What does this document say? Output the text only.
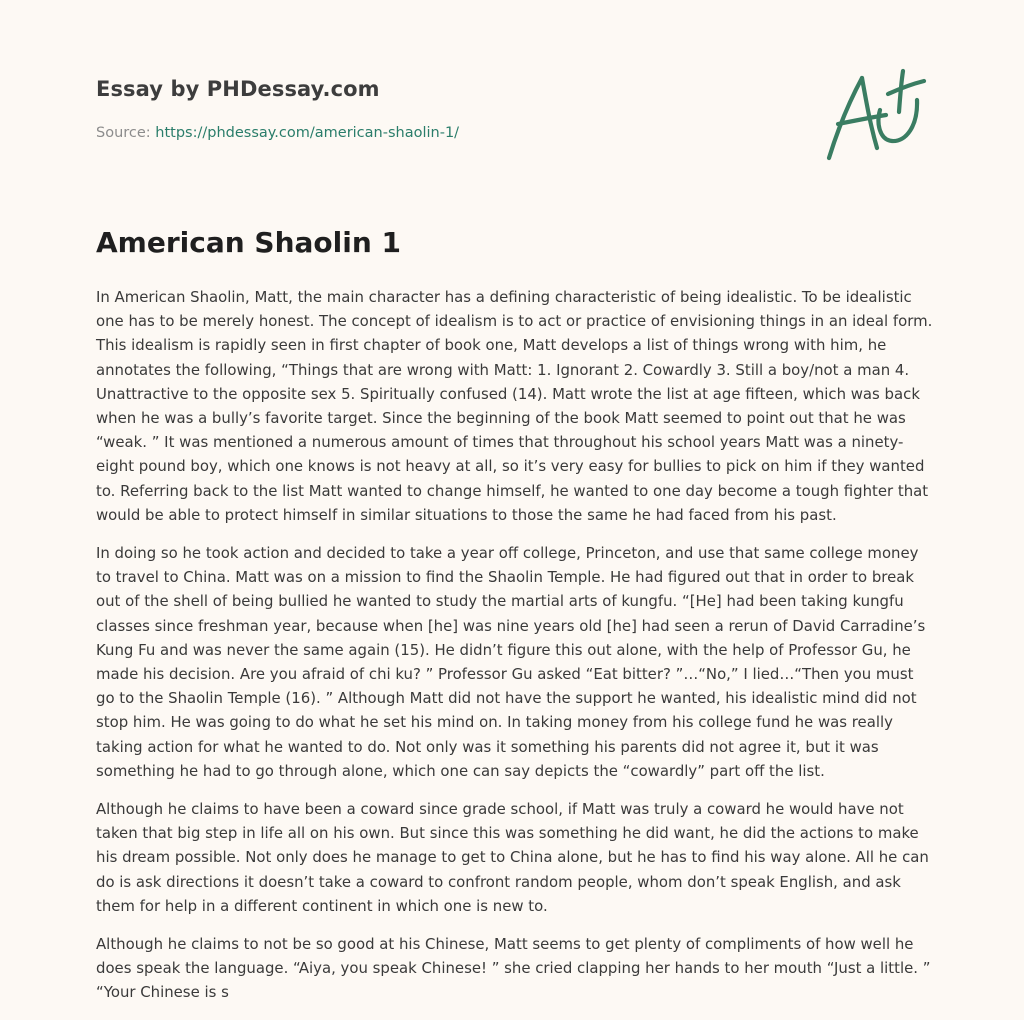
Essay by PHDessay.com
Source: https://phdessay.com/american-shaolin-1/
American Shaolin 1

In American Shaolin, Matt, the main character has a defining characteristic of being idealistic. To be idealistic one has to be merely honest. The concept of idealism is to act or practice of envisioning things in an ideal form. This idealism is rapidly seen in first chapter of book one, Matt develops a list of things wrong with him, he annotates the following, “Things that are wrong with Matt: 1. Ignorant 2. Cowardly 3. Still a boy/not a man 4. Unattractive to the opposite sex 5. Spiritually confused (14). Matt wrote the list at age fifteen, which was back when he was a bully’s favorite target. Since the beginning of the book Matt seemed to point out that he was “weak. ” It was mentioned a numerous amount of times that throughout his school years Matt was a ninety-eight pound boy, which one knows is not heavy at all, so it’s very easy for bullies to pick on him if they wanted to. Referring back to the list Matt wanted to change himself, he wanted to one day become a tough fighter that would be able to protect himself in similar situations to those the same he had faced from his past.

In doing so he took action and decided to take a year off college, Princeton, and use that same college money to travel to China. Matt was on a mission to find the Shaolin Temple. He had figured out that in order to break out of the shell of being bullied he wanted to study the martial arts of kungfu. “[He] had been taking kungfu classes since freshman year, because when [he] was nine years old [he] had seen a rerun of David Carradine’s Kung Fu and was never the same again (15). He didn’t figure this out alone, with the help of Professor Gu, he made his decision. Are you afraid of chi ku? ” Professor Gu asked “Eat bitter? ”…“No,” I lied…“Then you must go to the Shaolin Temple (16). ” Although Matt did not have the support he wanted, his idealistic mind did not stop him. He was going to do what he set his mind on. In taking money from his college fund he was really taking action for what he wanted to do. Not only was it something his parents did not agree it, but it was something he had to go through alone, which one can say depicts the “cowardly” part off the list.

Although he claims to have been a coward since grade school, if Matt was truly a coward he would have not taken that big step in life all on his own. But since this was something he did want, he did the actions to make his dream possible. Not only does he manage to get to China alone, but he has to find his way alone. All he can do is ask directions it doesn’t take a coward to confront random people, whom don’t speak English, and ask them for help in a different continent in which one is new to.

Although he claims to not be so good at his Chinese, Matt seems to get plenty of compliments of how well he does speak the language. “Aiya, you speak Chinese! ” she cried clapping her hands to her mouth “Just a little. ” “Your Chinese is s
